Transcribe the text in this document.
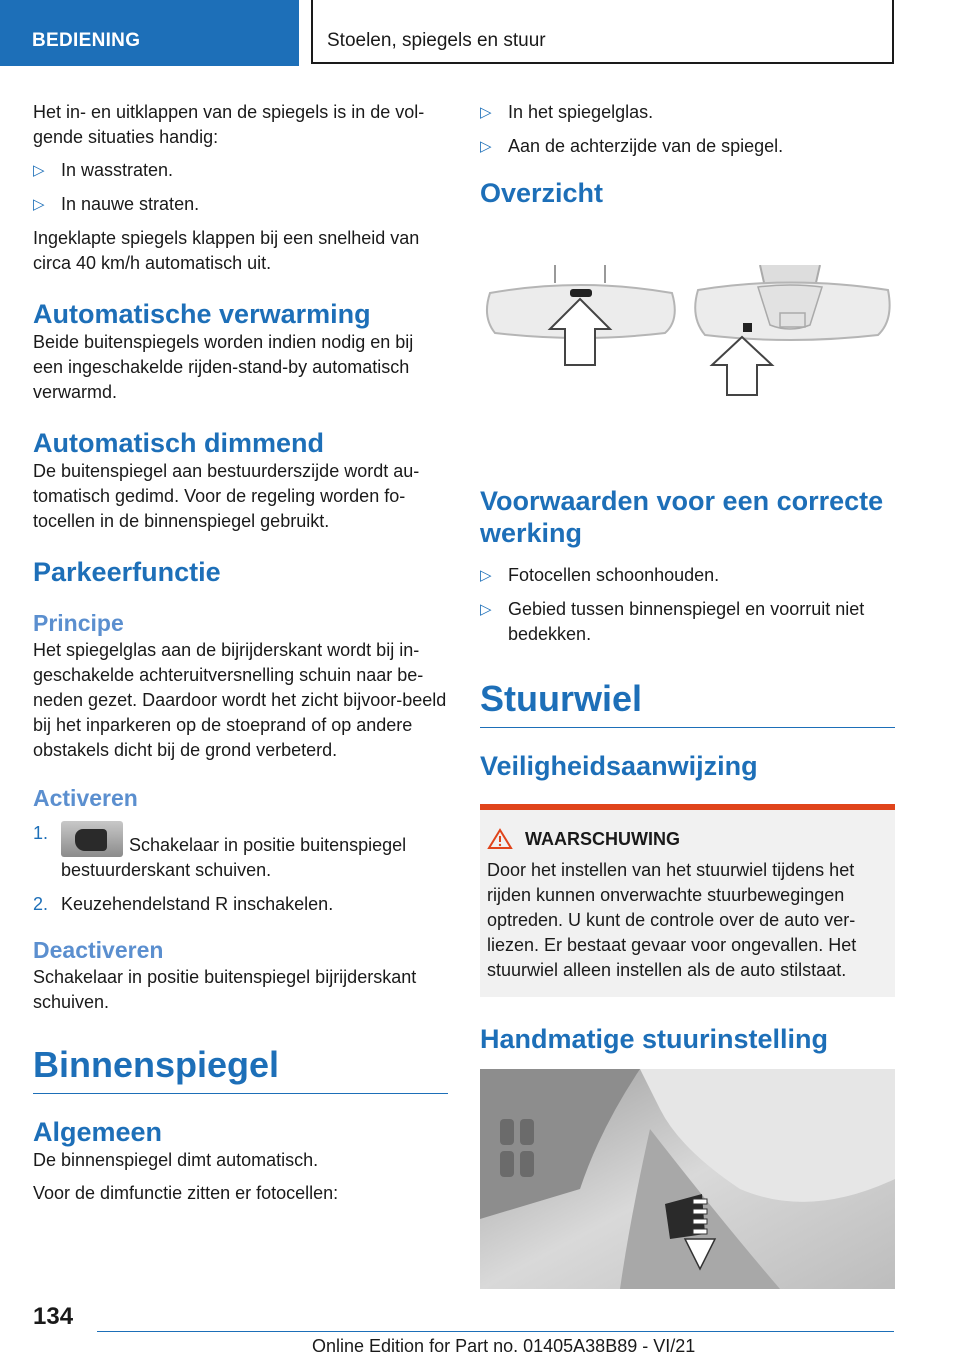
BEDIENING	Stoelen, spiegels en stuur

Het in- en uitklappen van de spiegels is in de vol-gende situaties handig:

▷ In wasstraten.
▷ In nauwe straten.

Ingeklapte spiegels klappen bij een snelheid van circa 40 km/h automatisch uit.

Automatische verwarming

Beide buitenspiegels worden indien nodig en bij een ingeschakelde rijden-stand-by automatisch verwarmd.

Automatisch dimmend

De buitenspiegel aan bestuurderszijde wordt au-tomatisch gedimd. Voor de regeling worden fo-tocellen in de binnenspiegel gebruikt.

Parkeerfunctie
Principe

Het spiegelglas aan de bijrijderskant wordt bij in-geschakelde achteruitversnelling schuin naar be-neden gezet. Daardoor wordt het zicht bijvoor-beeld bij het inparkeren op de stoeprand of op andere obstakels dicht bij de grond verbeterd.

Activeren
1.
Schakelaar in positie buitenspiegel bestuurderskant schuiven.
2. Keuzehendelstand R inschakelen.
Deactiveren

Schakelaar in positie buitenspiegel bijrijderskant schuiven.

Binnenspiegel
Algemeen

De binnenspiegel dimt automatisch.

Voor de dimfunctie zitten er fotocellen:

▷ In het spiegelglas.
▷ Aan de achterzijde van de spiegel.
Overzicht
Voorwaarden voor een correcte werking
▷ Fotocellen schoonhouden.
▷ Gebied tussen binnenspiegel en voorruit niet bedekken.
Stuurwiel
Veiligheidsaanwijzing
WAARSCHUWING

Door het instellen van het stuurwiel tijdens het rijden kunnen onverwachte stuurbewegingen optreden. U kunt de controle over de auto ver-liezen. Er bestaat gevaar voor ongevallen. Het stuurwiel alleen instellen als de auto stilstaat.

Handmatige stuurinstelling
134
Online Edition for Part no. 01405A38B89 - VI/21
